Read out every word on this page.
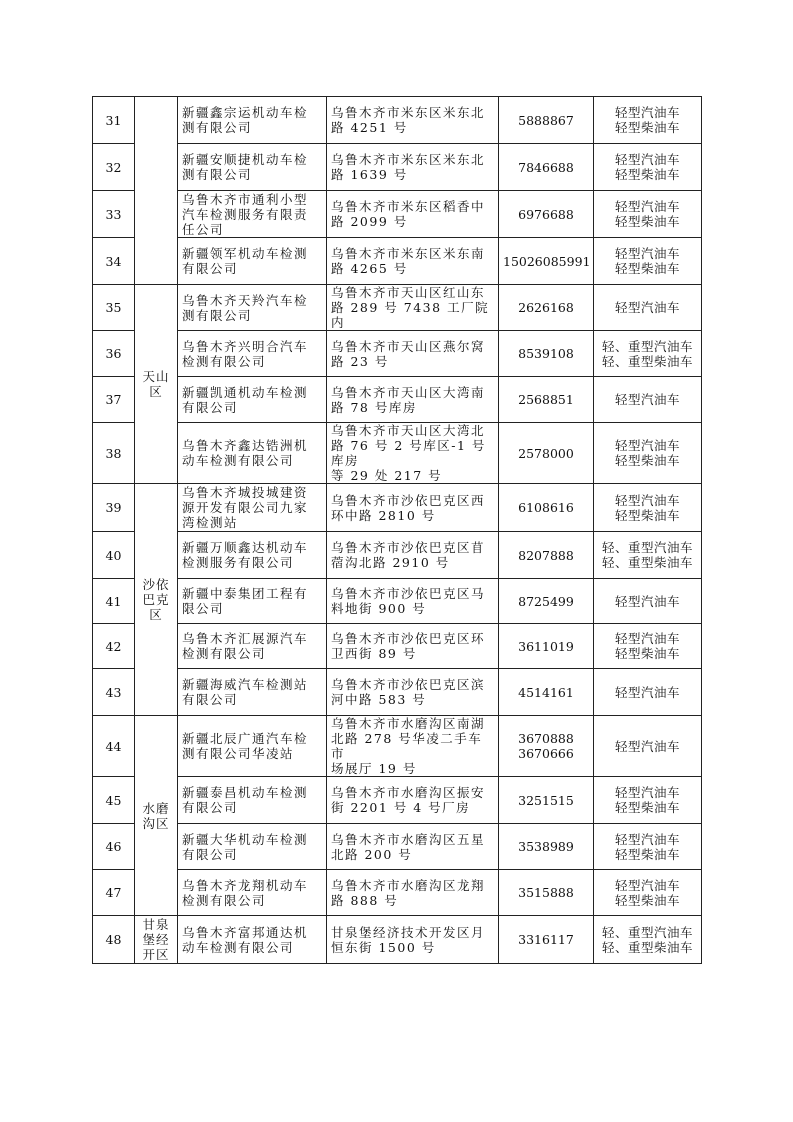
31		新疆鑫宗运机动车检
测有限公司	乌鲁木齐市米东区米东北
路 4251 号	5888867	轻型汽油车
轻型柴油车

32		新疆安顺捷机动车检
测有限公司	乌鲁木齐市米东区米东北
路 1639 号	7846688	轻型汽油车
轻型柴油车

33		乌鲁木齐市通利小型
汽车检测服务有限责
任公司	乌鲁木齐市米东区稻香中
路 2099 号	6976688	轻型汽油车
轻型柴油车

34		新疆领军机动车检测
有限公司	乌鲁木齐市米东区米东南
路 4265 号	15026085991	轻型汽油车
轻型柴油车

35	天山
区	乌鲁木齐天羚汽车检
测有限公司	乌鲁木齐市天山区红山东
路 289 号 7438 工厂院内	2626168	轻型汽油车

36		乌鲁木齐兴明合汽车
检测有限公司	乌鲁木齐市天山区燕尔窝
路 23 号	8539108	轻、重型汽油车
轻、重型柴油车

37		新疆凯通机动车检测
有限公司	乌鲁木齐市天山区大湾南
路 78 号库房	2568851	轻型汽油车

38		乌鲁木齐鑫达锆洲机
动车检测有限公司	乌鲁木齐市天山区大湾北
路 76 号 2 号库区-1 号库房
等 29 处 217 号	2578000	轻型汽油车
轻型柴油车

39	沙依
巴克
区	乌鲁木齐城投城建资
源开发有限公司九家
湾检测站	乌鲁木齐市沙依巴克区西
环中路 2810 号	6108616	轻型汽油车
轻型柴油车

40		新疆万顺鑫达机动车
检测服务有限公司	乌鲁木齐市沙依巴克区苜
蓿沟北路 2910 号	8207888	轻、重型汽油车
轻、重型柴油车

41		新疆中泰集团工程有
限公司	乌鲁木齐市沙依巴克区马
料地街 900 号	8725499	轻型汽油车

42		乌鲁木齐汇展源汽车
检测有限公司	乌鲁木齐市沙依巴克区环
卫西街 89 号	3611019	轻型汽油车
轻型柴油车

43		新疆海威汽车检测站
有限公司	乌鲁木齐市沙依巴克区滨
河中路 583 号	4514161	轻型汽油车

44	水磨
沟区	新疆北辰广通汽车检
测有限公司华凌站	乌鲁木齐市水磨沟区南湖
北路 278 号华凌二手车市
场展厅 19 号	3670888
3670666	轻型汽油车

45		新疆泰昌机动车检测
有限公司	乌鲁木齐市水磨沟区振安
街 2201 号 4 号厂房	3251515	轻型汽油车
轻型柴油车

46		新疆大华机动车检测
有限公司	乌鲁木齐市水磨沟区五星
北路 200 号	3538989	轻型汽油车
轻型柴油车

47		乌鲁木齐龙翔机动车
检测有限公司	乌鲁木齐市水磨沟区龙翔
路 888 号	3515888	轻型汽油车
轻型柴油车

48	甘泉
堡经
开区	乌鲁木齐富邦通达机
动车检测有限公司	甘泉堡经济技术开发区月
恒东街 1500 号	3316117	轻、重型汽油车
轻、重型柴油车
